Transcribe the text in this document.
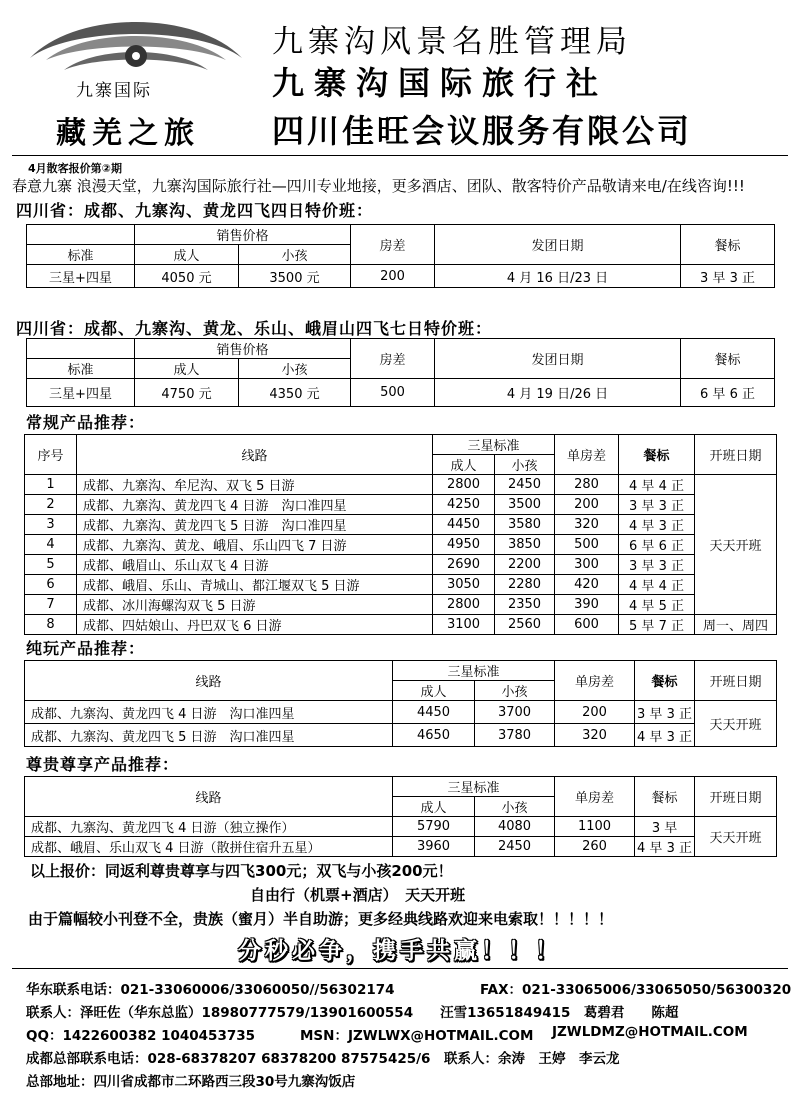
九寨国际
藏羌之旅
九寨沟风景名胜管理局
九寨沟国际旅行社
四川佳旺会议服务有限公司
4月散客报价第②期
春意九寨 浪漫天堂，九寨沟国际旅行社—四川专业地接，更多酒店、团队、散客特价产品敬请来电/在线咨询!!!
四川省：成都、九寨沟、黄龙四飞四日特价班：
	销售价格		房差	发团日期	餐标
标准	成人	小孩			
三星+四星	4050 元	3500 元	200	4 月 16 日/23 日	3 早 3 正
四川省：成都、九寨沟、黄龙、乐山、峨眉山四飞七日特价班：
	销售价格		房差	发团日期	餐标
标准	成人	小孩			
三星+四星	4750 元	4350 元	500	4 月 19 日/26 日	6 早 6 正
常规产品推荐：
序号	线路	三星标准		单房差	餐标	开班日期
		成人	小孩			
1	成都、九寨沟、牟尼沟、双飞 5 日游	2800	2450	280	4 早 4 正	天天开班
2	成都、九寨沟、黄龙四飞 4 日游　沟口准四星	4250	3500	200	3 早 3 正	
3	成都、九寨沟、黄龙四飞 5 日游　沟口准四星	4450	3580	320	4 早 3 正	
4	成都、九寨沟、黄龙、峨眉、乐山四飞 7 日游	4950	3850	500	6 早 6 正	
5	成都、峨眉山、乐山双飞 4 日游	2690	2200	300	3 早 3 正	
6	成都、峨眉、乐山、青城山、都江堰双飞 5 日游	3050	2280	420	4 早 4 正	
7	成都、冰川海螺沟双飞 5 日游	2800	2350	390	4 早 5 正	
8	成都、四姑娘山、丹巴双飞 6 日游	3100	2560	600	5 早 7 正	周一、周四
纯玩产品推荐：
线路	三星标准		单房差	餐标	开班日期
	成人	小孩			
成都、九寨沟、黄龙四飞 4 日游　沟口准四星	4450	3700	200	3 早 3 正	天天开班
成都、九寨沟、黄龙四飞 5 日游　沟口准四星	4650	3780	320	4 早 3 正	
尊贵尊享产品推荐：
线路	三星标准		单房差	餐标	开班日期
	成人	小孩			
成都、九寨沟、黄龙四飞 4 日游（独立操作）	5790	4080	1100	3 早	天天开班
成都、峨眉、乐山双飞 4 日游（散拼住宿升五星）	3960	2450	260	4 早 3 正	
以上报价：同返利尊贵尊享与四飞300元；双飞与小孩200元！
自由行（机票+酒店）　天天开班
由于篇幅较小刊登不全，贵族（蜜月）半自助游；更多经典线路欢迎来电索取！！！！！
分秒必争，携手共赢！！！
华东联系电话：021-33060006/33060050//56302174	FAX：021-33065006/33065050/56300320
联系人：泽旺佐（华东总监）18980777579/13901600554　　汪雪13651849415　葛碧君　　陈超
QQ：1422600382 1040453735	MSN：JZWLWX@HOTMAIL.COM JZWLDMZ@HOTMAIL.COM
成都总部联系电话：028-68378207 68378200 87575425/6　联系人：余涛　王婷　李云龙
总部地址：四川省成都市二环路西三段30号九寨沟饭店
